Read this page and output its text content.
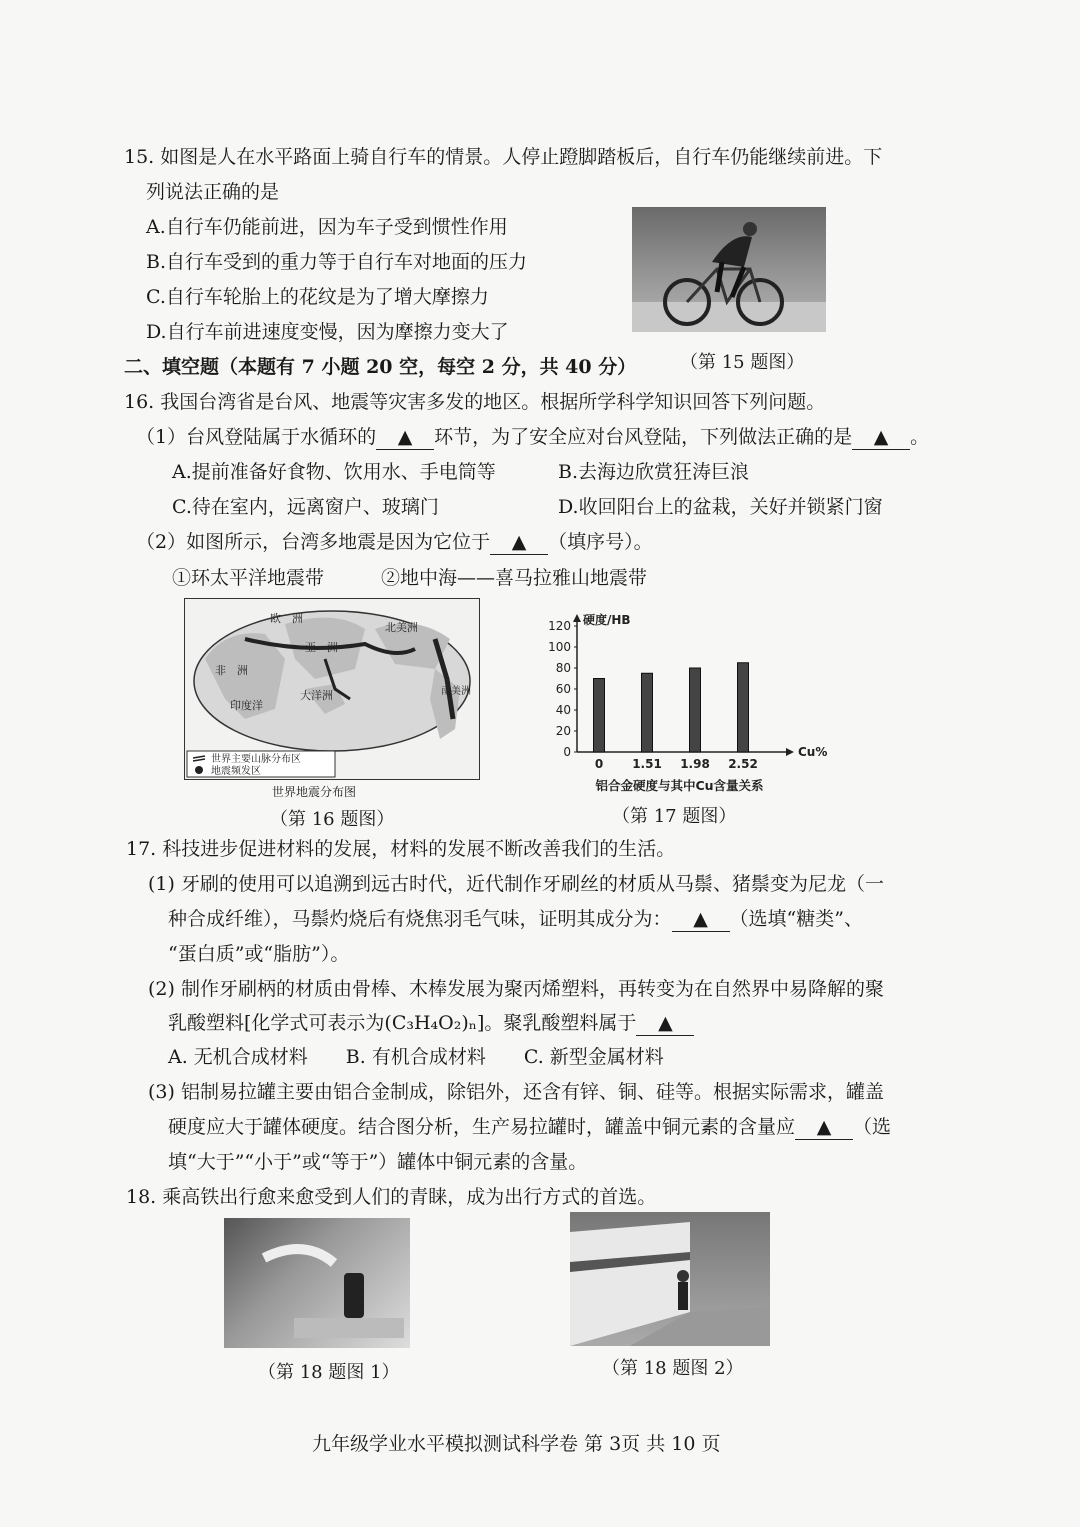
15. 如图是人在水平路面上骑自行车的情景。人停止蹬脚踏板后，自行车仍能继续前进。下
列说法正确的是
A.自行车仍能前进，因为车子受到惯性作用
B.自行车受到的重力等于自行车对地面的压力
C.自行车轮胎上的花纹是为了增大摩擦力
D.自行车前进速度变慢，因为摩擦力变大了
（第 15 题图）
二、填空题（本题有 7 小题 20 空，每空 2 分，共 40 分）
16. 我国台湾省是台风、地震等灾害多发的地区。根据所学科学知识回答下列问题。
（1）台风登陆属于水循环的 ▲ 环节，为了安全应对台风登陆，下列做法正确的是 ▲ 。
A.提前准备好食物、饮用水、手电筒等	B.去海边欣赏狂涛巨浪
C.待在室内，远离窗户、玻璃门	D.收回阳台上的盆栽，关好并锁紧门窗
（2）如图所示，台湾多地震是因为它位于 ▲ （填序号）。
①环太平洋地震带　　　②地中海——喜马拉雅山地震带
欧　洲
亚　洲
非　洲
北美洲
南美洲
大洋洲
印度洋
世界主要山脉分布区
地震频发区
世界地震分布图
（第 16 题图）
0
20
40
60
80
100
120 硬度/HB
0 1.51 1.98 2.52
Cu%
铝合金硬度与其中Cu含量关系
（第 17 题图）
17. 科技进步促进材料的发展，材料的发展不断改善我们的生活。
(1) 牙刷的使用可以追溯到远古时代，近代制作牙刷丝的材质从马鬃、猪鬃变为尼龙（一
种合成纤维），马鬃灼烧后有烧焦羽毛气味，证明其成分为： ▲ （选填“糖类”、
“蛋白质”或“脂肪”）。
(2) 制作牙刷柄的材质由骨棒、木棒发展为聚丙烯塑料，再转变为在自然界中易降解的聚
乳酸塑料[化学式可表示为(C₃H₄O₂)ₙ]。聚乳酸塑料属于 ▲
A. 无机合成材料　　B. 有机合成材料　　C. 新型金属材料
(3) 铝制易拉罐主要由铝合金制成，除铝外，还含有锌、铜、硅等。根据实际需求，罐盖
硬度应大于罐体硬度。结合图分析，生产易拉罐时，罐盖中铜元素的含量应 ▲ （选
填“大于”“小于”或“等于”）罐体中铜元素的含量。
18. 乘高铁出行愈来愈受到人们的青睐，成为出行方式的首选。
（第 18 题图 1）	（第 18 题图 2）
九年级学业水平模拟测试科学卷 第 3页 共 10 页
